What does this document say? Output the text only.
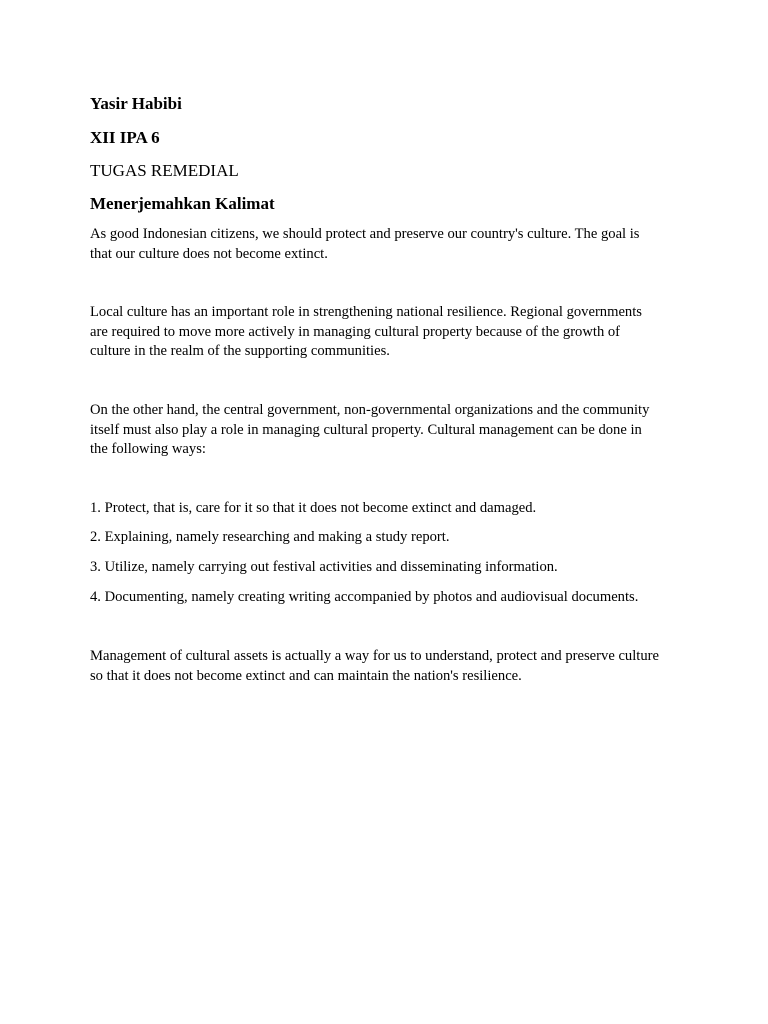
Yasir Habibi
XII IPA 6
TUGAS REMEDIAL
Menerjemahkan Kalimat
As good Indonesian citizens, we should protect and preserve our country's culture. The goal is
that our culture does not become extinct.
Local culture has an important role in strengthening national resilience. Regional governments
are required to move more actively in managing cultural property because of the growth of
culture in the realm of the supporting communities.
On the other hand, the central government, non-governmental organizations and the community
itself must also play a role in managing cultural property. Cultural management can be done in
the following ways:
1. Protect, that is, care for it so that it does not become extinct and damaged.
2. Explaining, namely researching and making a study report.
3. Utilize, namely carrying out festival activities and disseminating information.
4. Documenting, namely creating writing accompanied by photos and audiovisual documents.
Management of cultural assets is actually a way for us to understand, protect and preserve culture
so that it does not become extinct and can maintain the nation's resilience.
